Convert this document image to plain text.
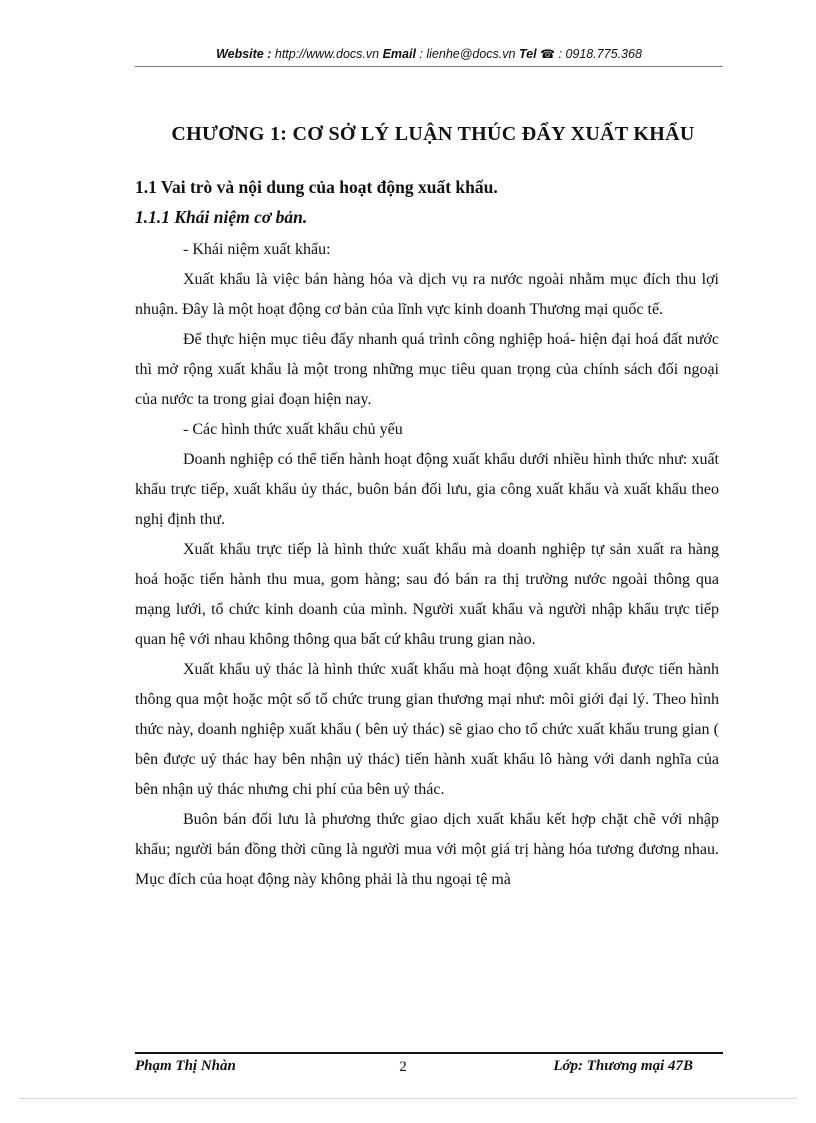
Website : http://www.docs.vn Email : lienhe@docs.vn Tel ☎ : 0918.775.368
CHƯƠNG 1: CƠ SỞ LÝ LUẬN THÚC ĐẨY XUẤT KHẨU
1.1 Vai trò và nội dung của hoạt động xuất khẩu.
1.1.1 Khái niệm cơ bản.

- Khái niệm xuất khẩu:

Xuất khẩu là việc bán hàng hóa và dịch vụ ra nước ngoài nhằm mục đích thu lợi nhuận. Đây là một hoạt động cơ bản của lĩnh vực kinh doanh Thương mại quốc tế.

Để thực hiện mục tiêu đẩy nhanh quá trình công nghiệp hoá- hiện đại hoá đất nước thì mở rộng xuất khẩu là một trong những mục tiêu quan trọng của chính sách đối ngoại của nước ta trong giai đoạn hiện nay.

- Các hình thức xuất khẩu chủ yếu

Doanh nghiệp có thể tiến hành hoạt động xuất khẩu dưới nhiều hình thức như: xuất khẩu trực tiếp, xuất khẩu ủy thác, buôn bán đối lưu, gia công xuất khẩu và xuất khẩu theo nghị định thư.

Xuất khẩu trực tiếp là hình thức xuất khẩu mà doanh nghiệp tự sản xuất ra hàng hoá hoặc tiến hành thu mua, gom hàng; sau đó bán ra thị trường nước ngoài thông qua mạng lưới, tổ chức kinh doanh của mình. Người xuất khẩu và người nhập khẩu trực tiếp quan hệ với nhau không thông qua bất cứ khâu trung gian nào.

Xuất khẩu uỷ thác là hình thức xuất khẩu mà hoạt động xuất khẩu được tiến hành thông qua một hoặc một số tổ chức trung gian thương mại như: môi giới đại lý. Theo hình thức này, doanh nghiệp xuất khẩu ( bên uỷ thác) sẽ giao cho tổ chức xuất khẩu trung gian ( bên được uỷ thác hay bên nhận uỷ thác) tiến hành xuất khẩu lô hàng với danh nghĩa của bên nhận uỷ thác nhưng chi phí của bên uỷ thác.

Buôn bán đối lưu là phương thức giao dịch xuất khẩu kết hợp chặt chẽ với nhập khẩu; người bán đồng thời cũng là người mua với một giá trị hàng hóa tương đương nhau. Mục đích của hoạt động này không phải là thu ngoại tệ mà

Phạm Thị Nhàn	2	Lớp: Thương mại 47B
